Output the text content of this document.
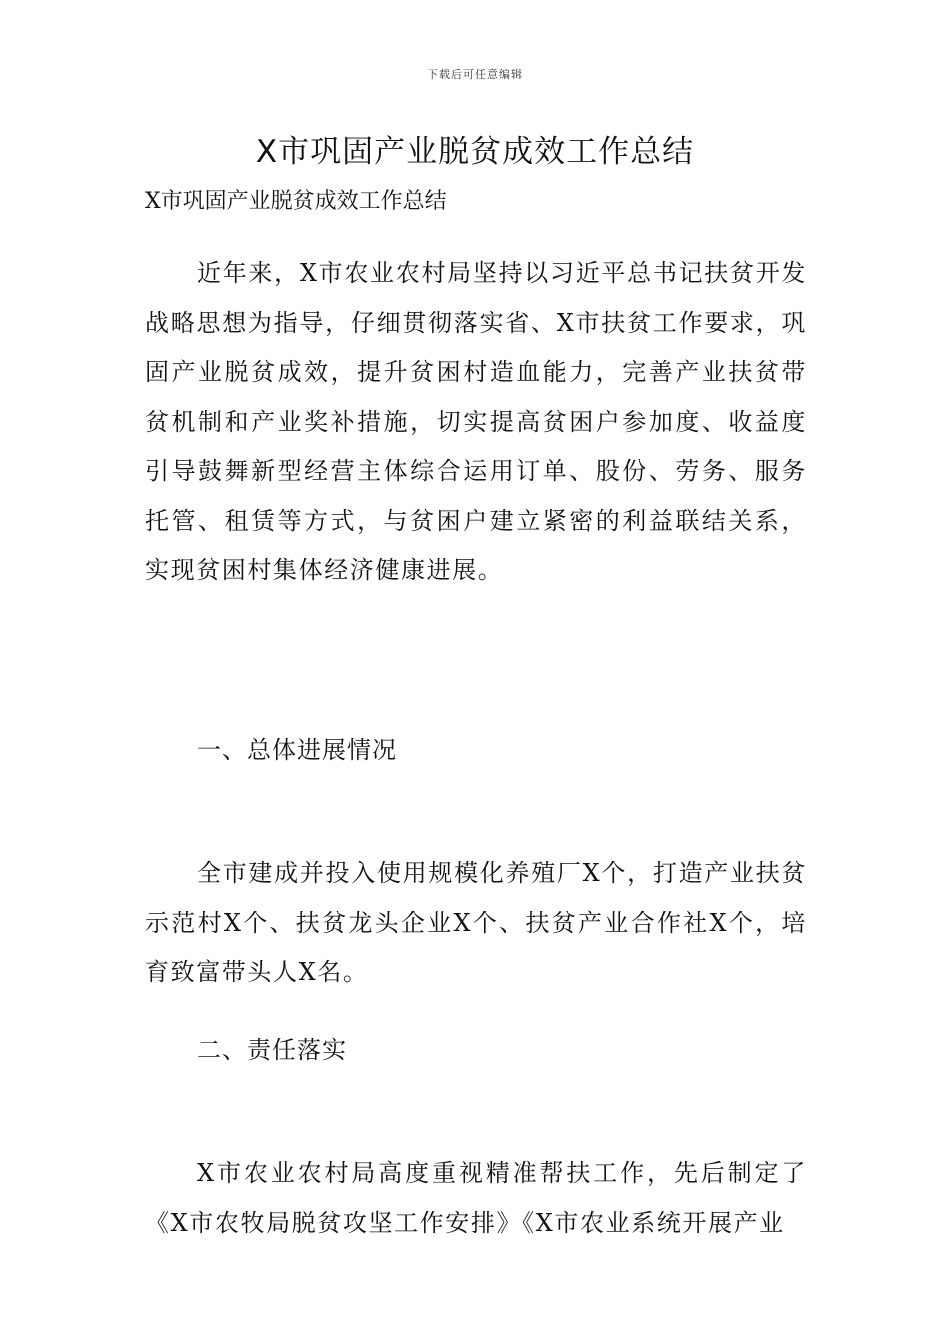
下载后可任意编辑
X市巩固产业脱贫成效工作总结
X市巩固产业脱贫成效工作总结

近年来，X市农业农村局坚持以习近平总书记扶贫开发战略思想为指导，仔细贯彻落实省、X市扶贫工作要求，巩固产业脱贫成效，提升贫困村造血能力，完善产业扶贫带贫机制和产业奖补措施，切实提高贫困户参加度、收益度引导鼓舞新型经营主体综合运用订单、股份、劳务、服务托管、租赁等方式，与贫困户建立紧密的利益联结关系，实现贫困村集体经济健康进展。

一、总体进展情况

全市建成并投入使用规模化养殖厂X个，打造产业扶贫示范村X个、扶贫龙头企业X个、扶贫产业合作社X个，培育致富带头人X名。

二、责任落实

X市农业农村局高度重视精准帮扶工作，先后制定了《X市农牧局脱贫攻坚工作安排》《X市农业系统开展产业
